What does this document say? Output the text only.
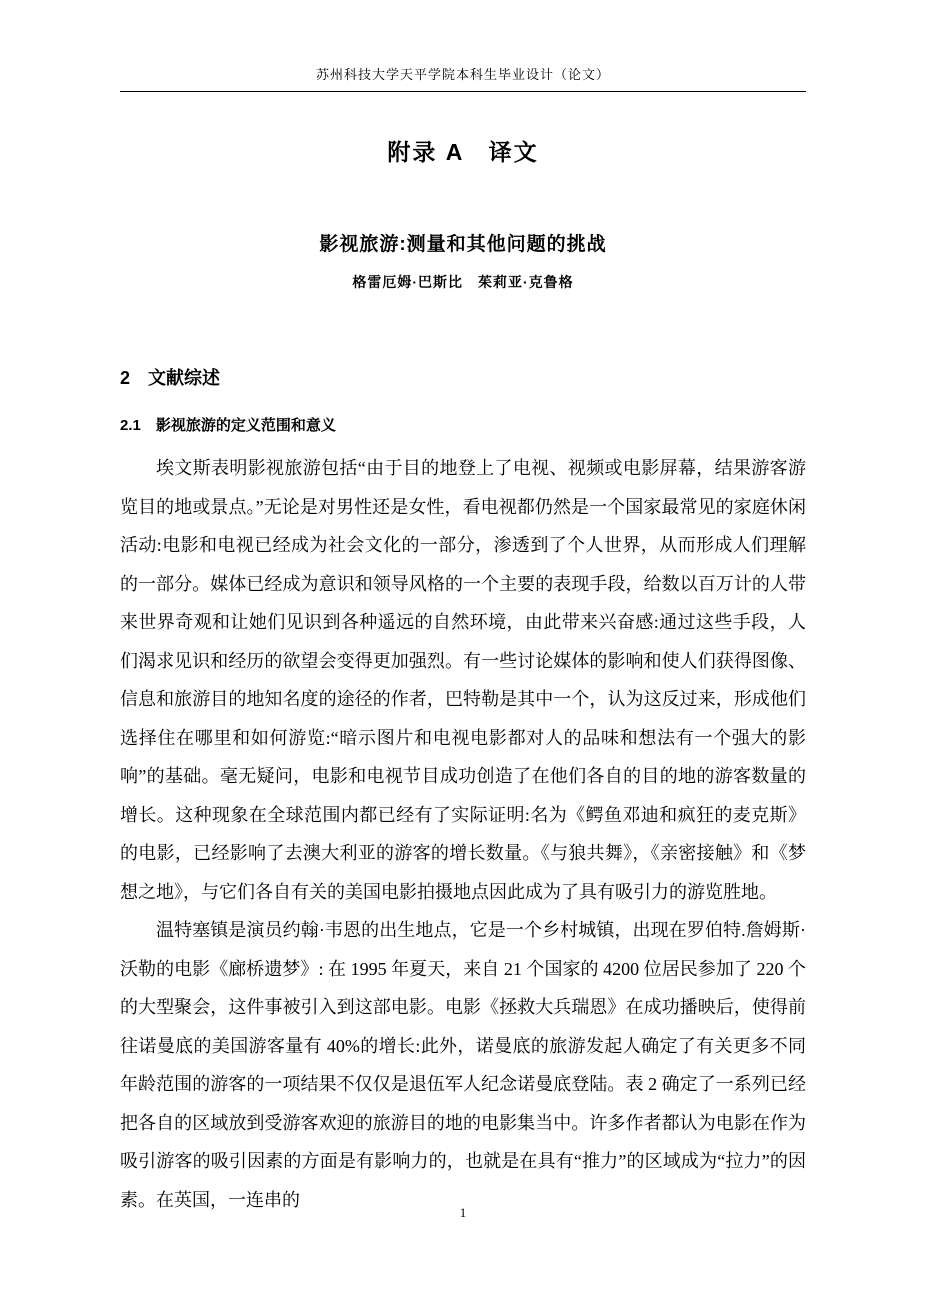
苏州科技大学天平学院本科生毕业设计（论文）
附录 A　译文
影视旅游:测量和其他问题的挑战
格雷厄姆·巴斯比　茱莉亚·克鲁格
2　文献综述
2.1　影视旅游的定义范围和意义

埃文斯表明影视旅游包括“由于目的地登上了电视、视频或电影屏幕，结果游客游览目的地或景点。”无论是对男性还是女性，看电视都仍然是一个国家最常见的家庭休闲活动:电影和电视已经成为社会文化的一部分，渗透到了个人世界，从而形成人们理解的一部分。媒体已经成为意识和领导风格的一个主要的表现手段，给数以百万计的人带来世界奇观和让她们见识到各种遥远的自然环境，由此带来兴奋感:通过这些手段，人们渴求见识和经历的欲望会变得更加强烈。有一些讨论媒体的影响和使人们获得图像、信息和旅游目的地知名度的途径的作者，巴特勒是其中一个，认为这反过来，形成他们选择住在哪里和如何游览:“暗示图片和电视电影都对人的品味和想法有一个强大的影响”的基础。毫无疑问，电影和电视节目成功创造了在他们各自的目的地的游客数量的增长。这种现象在全球范围内都已经有了实际证明:名为《鳄鱼邓迪和疯狂的麦克斯》的电影，已经影响了去澳大利亚的游客的增长数量。《与狼共舞》，《亲密接触》和《梦想之地》，与它们各自有关的美国电影拍摄地点因此成为了具有吸引力的游览胜地。

温特塞镇是演员约翰·韦恩的出生地点，它是一个乡村城镇，出现在罗伯特.詹姆斯·沃勒的电影《廊桥遗梦》: 在 1995 年夏天，来自 21 个国家的 4200 位居民参加了 220 个的大型聚会，这件事被引入到这部电影。电影《拯救大兵瑞恩》在成功播映后，使得前往诺曼底的美国游客量有 40%的增长:此外，诺曼底的旅游发起人确定了有关更多不同年龄范围的游客的一项结果不仅仅是退伍军人纪念诺曼底登陆。表 2 确定了一系列已经把各自的区域放到受游客欢迎的旅游目的地的电影集当中。许多作者都认为电影在作为吸引游客的吸引因素的方面是有影响力的，也就是在具有“推力”的区域成为“拉力”的因素。在英国，一连串的

1
